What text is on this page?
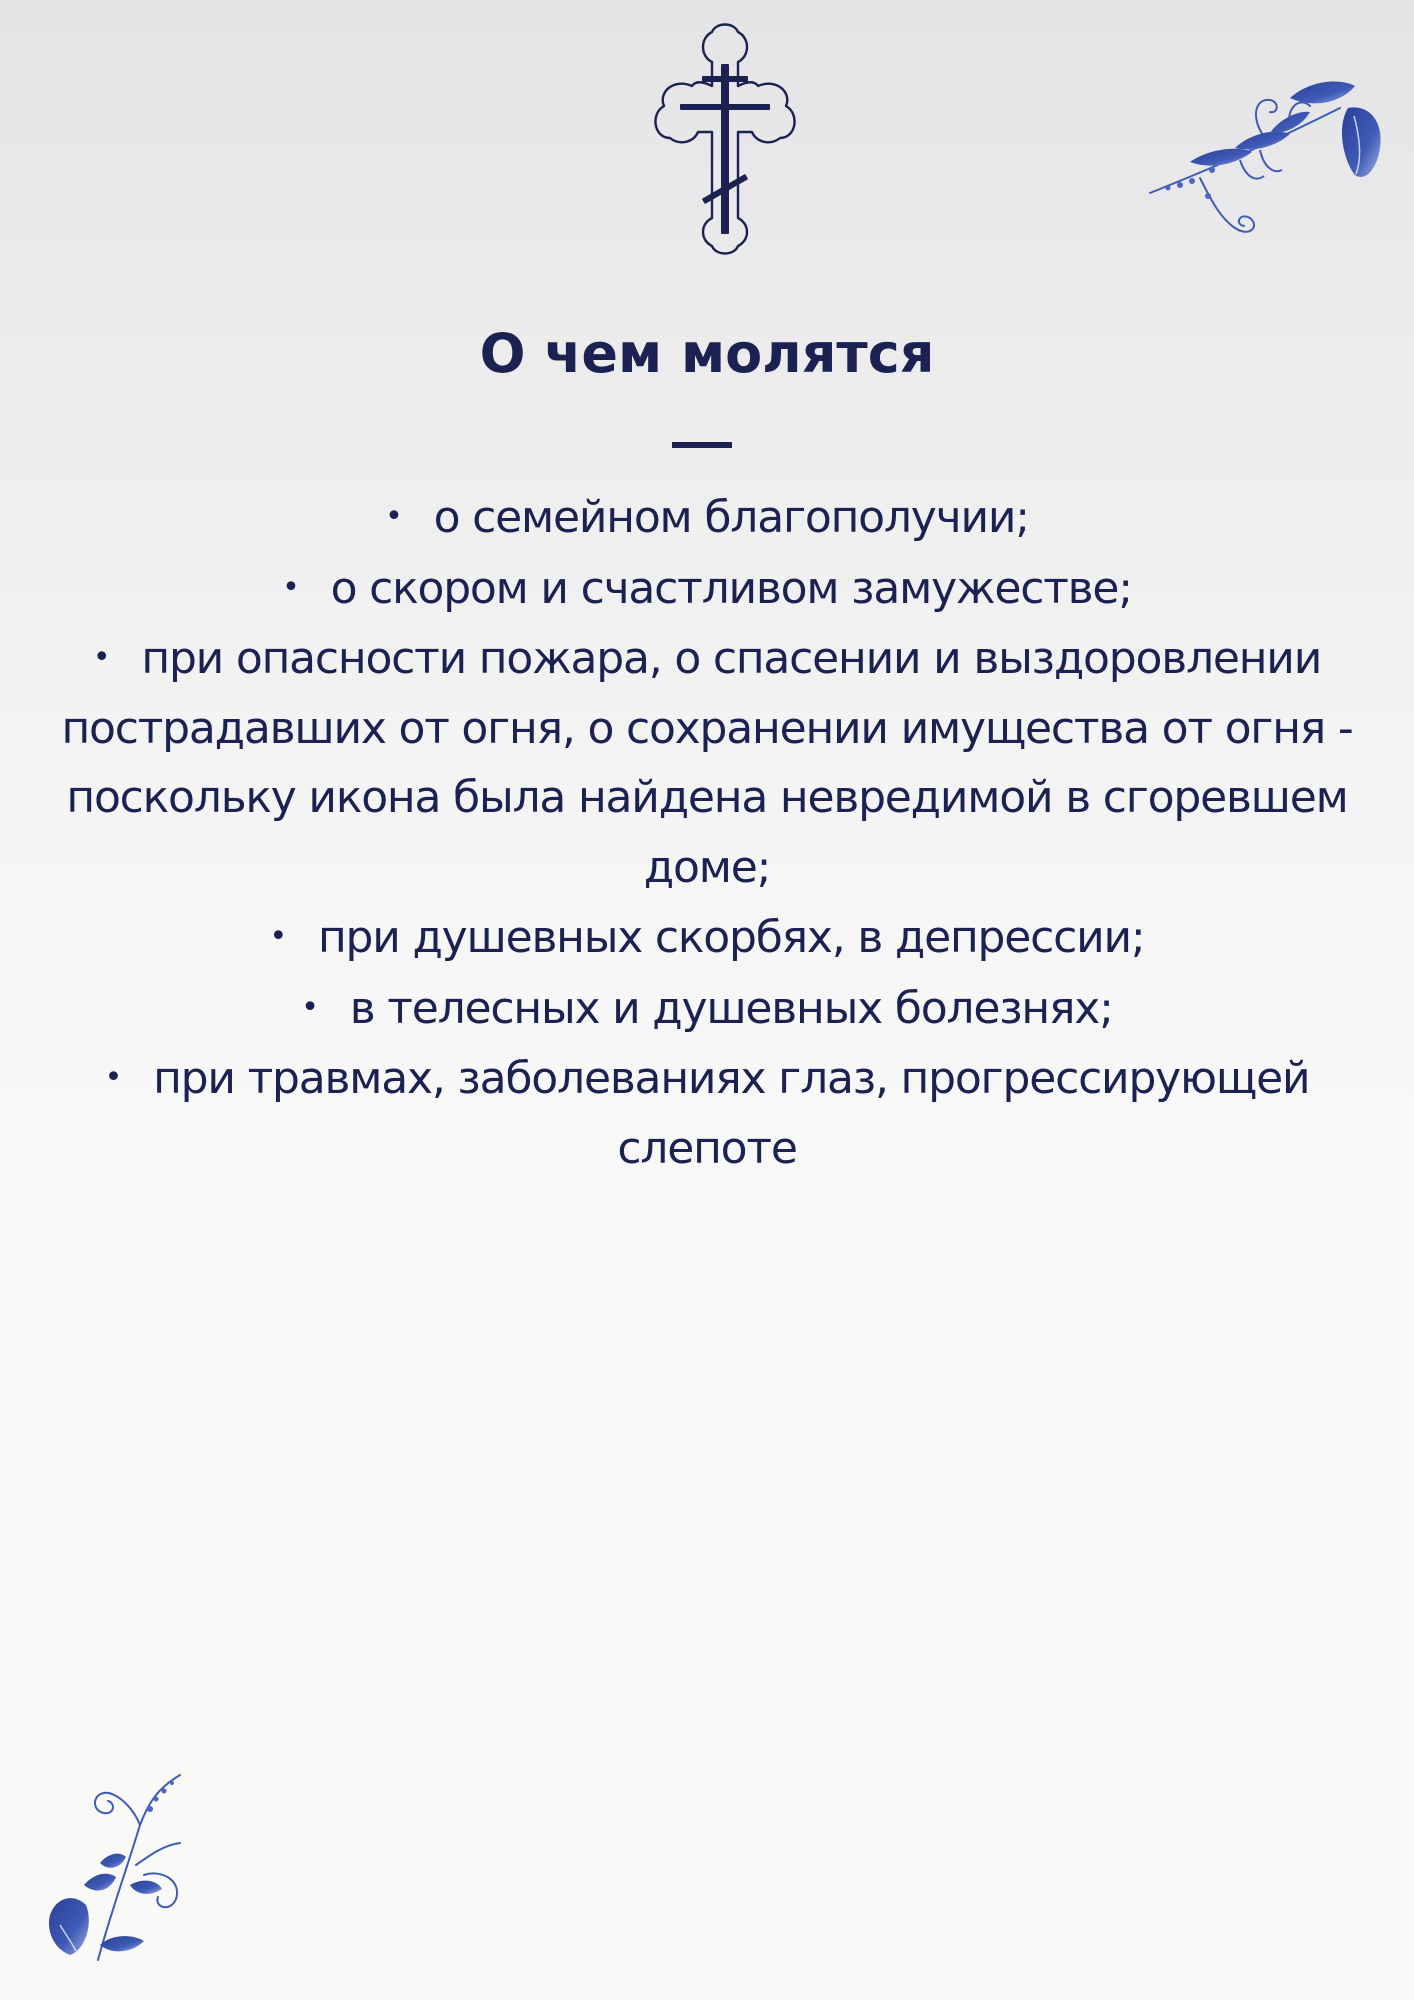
О чем молятся
• о семейном благополучии;
• о скором и счастливом замужестве;
• при опасности пожара, о спасении и выздоровлении пострадавших от огня, о сохранении имущества от огня - поскольку икона была найдена невредимой в сгоревшем доме;
• при душевных скорбях, в депрессии;
• в телесных и душевных болезнях;
• при травмах, заболеваниях глаз, прогрессирующей слепоте
